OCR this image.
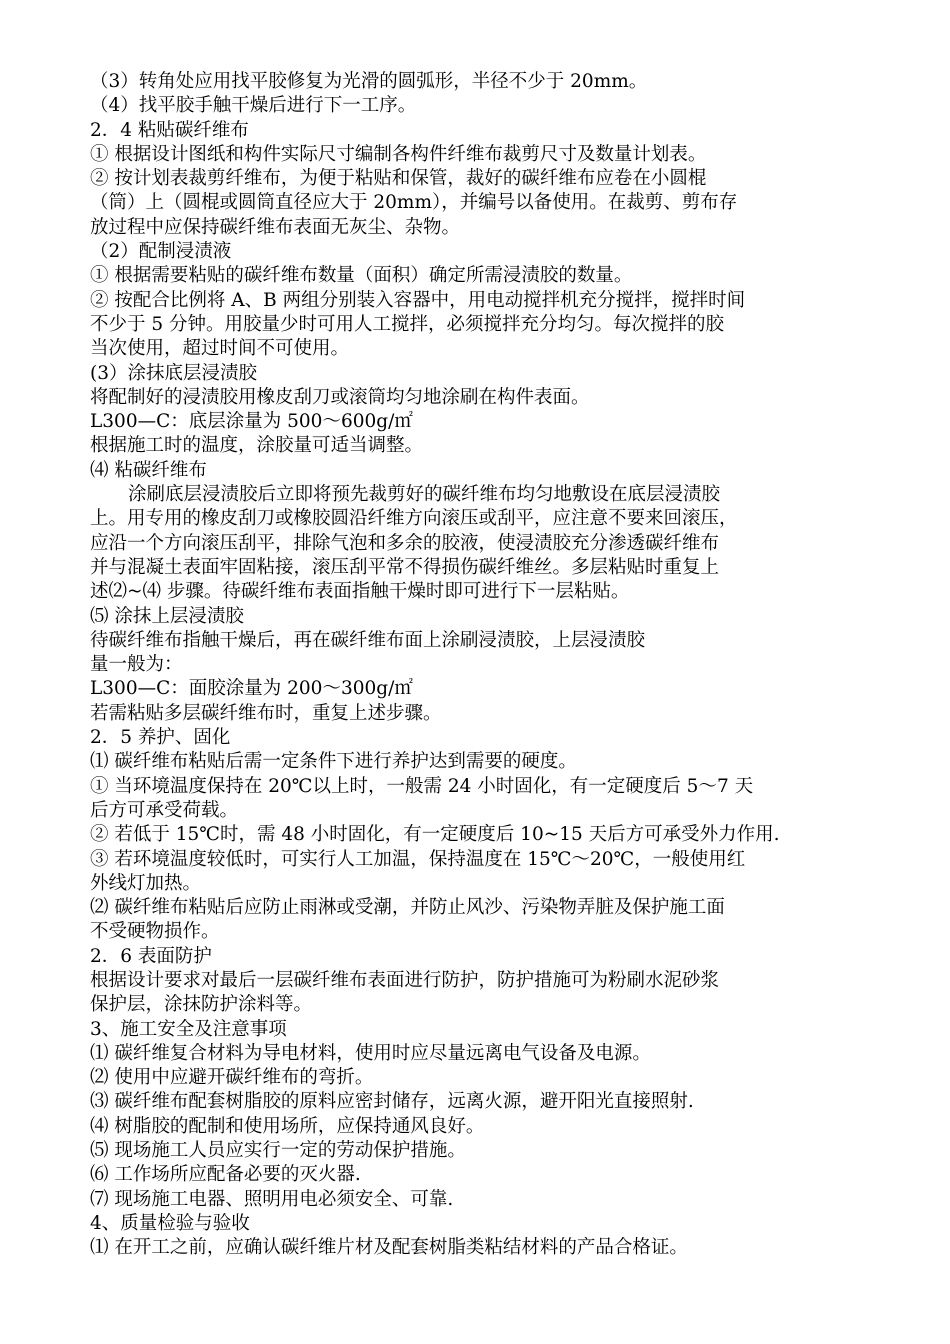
（3）转角处应用找平胶修复为光滑的圆弧形，半径不少于 20mm。
（4）找平胶手触干燥后进行下一工序。
2．4 粘贴碳纤维布
① 根据设计图纸和构件实际尺寸编制各构件纤维布裁剪尺寸及数量计划表。
② 按计划表裁剪纤维布，为便于粘贴和保管，裁好的碳纤维布应卷在小圆棍
（筒）上（圆棍或圆筒直径应大于 20mm），并编号以备使用。在裁剪、剪布存
放过程中应保持碳纤维布表面无灰尘、杂物。
（2）配制浸渍液
① 根据需要粘贴的碳纤维布数量（面积）确定所需浸渍胶的数量。
② 按配合比例将 A、B 两组分别装入容器中，用电动搅拌机充分搅拌，搅拌时间
不少于 5 分钟。用胶量少时可用人工搅拌，必须搅拌充分均匀。每次搅拌的胶
当次使用，超过时间不可使用。
(3）涂抹底层浸渍胶
将配制好的浸渍胶用橡皮刮刀或滚筒均匀地涂刷在构件表面。
L300—C：底层涂量为 500～600g/㎡
根据施工时的温度，涂胶量可适当调整。
⑷ 粘碳纤维布
涂刷底层浸渍胶后立即将预先裁剪好的碳纤维布均匀地敷设在底层浸渍胶
上。用专用的橡皮刮刀或橡胶圆沿纤维方向滚压或刮平，应注意不要来回滚压，
应沿一个方向滚压刮平，排除气泡和多余的胶液，使浸渍胶充分渗透碳纤维布
并与混凝土表面牢固粘接，滚压刮平常不得损伤碳纤维丝。多层粘贴时重复上
述⑵~⑷ 步骤。待碳纤维布表面指触干燥时即可进行下一层粘贴。
⑸ 涂抹上层浸渍胶
待碳纤维布指触干燥后，再在碳纤维布面上涂刷浸渍胶，上层浸渍胶
量一般为：
L300—C：面胶涂量为 200～300g/㎡
若需粘贴多层碳纤维布时，重复上述步骤。
2．5 养护、固化
⑴ 碳纤维布粘贴后需一定条件下进行养护达到需要的硬度。
① 当环境温度保持在 20℃以上时，一般需 24 小时固化，有一定硬度后 5～7 天
后方可承受荷载。
② 若低于 15℃时，需 48 小时固化，有一定硬度后 10~15 天后方可承受外力作用.
③ 若环境温度较低时，可实行人工加温，保持温度在 15℃～20℃，一般使用红
外线灯加热。
⑵ 碳纤维布粘贴后应防止雨淋或受潮，并防止风沙、污染物弄脏及保护施工面
不受硬物损作。
2．6 表面防护
根据设计要求对最后一层碳纤维布表面进行防护，防护措施可为粉刷水泥砂浆
保护层，涂抹防护涂料等。
3、施工安全及注意事项
⑴ 碳纤维复合材料为导电材料，使用时应尽量远离电气设备及电源。
⑵ 使用中应避开碳纤维布的弯折。
⑶ 碳纤维布配套树脂胶的原料应密封储存，远离火源，避开阳光直接照射.
⑷ 树脂胶的配制和使用场所，应保持通风良好。
⑸ 现场施工人员应实行一定的劳动保护措施。
⑹ 工作场所应配备必要的灭火器.
⑺ 现场施工电器、照明用电必须安全、可靠.
4、质量检验与验收
⑴ 在开工之前，应确认碳纤维片材及配套树脂类粘结材料的产品合格证。
